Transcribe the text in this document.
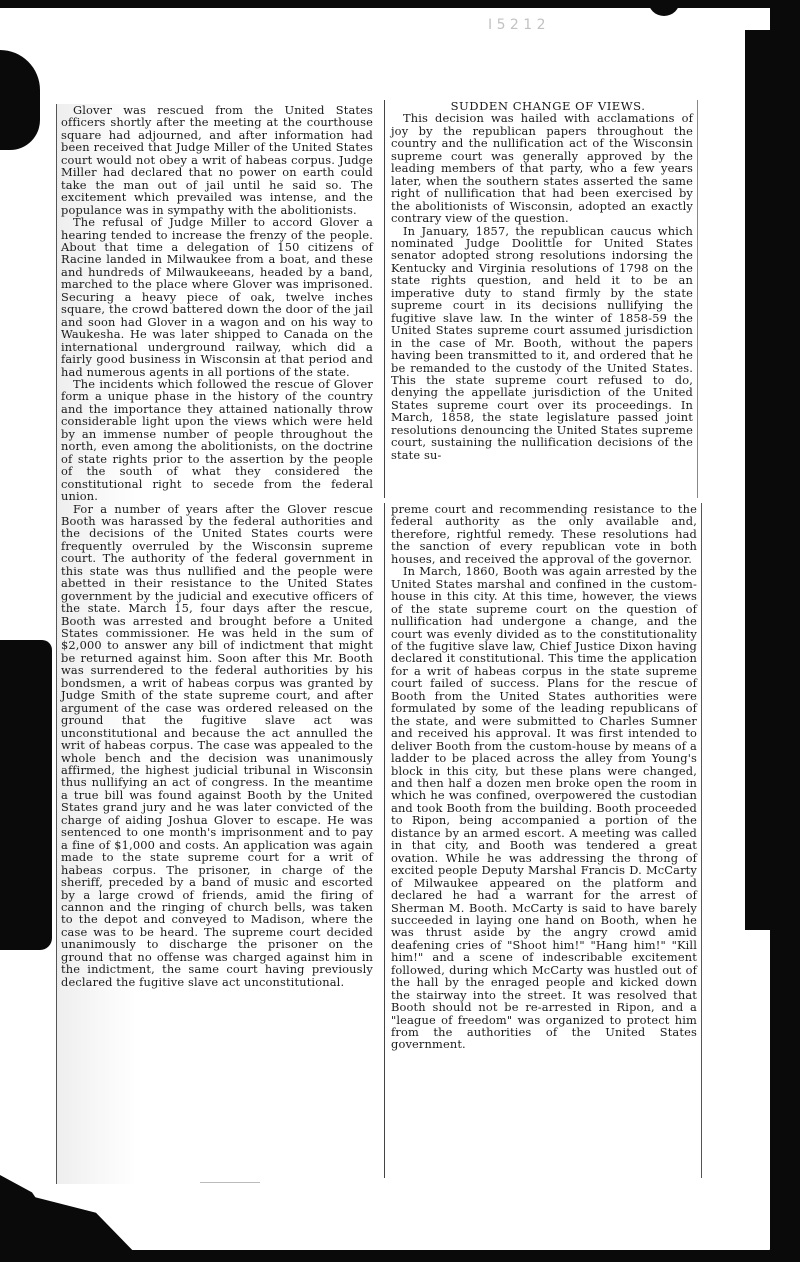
I 5 2 1 2

Glover was rescued from the United States officers shortly after the meeting at the courthouse square had adjourned, and after information had been received that Judge Miller of the United States court would not obey a writ of habeas corpus. Judge Miller had declared that no power on earth could take the man out of jail until he said so. The excitement which prevailed was intense, and the populance was in sympathy with the abolitionists.

The refusal of Judge Miller to accord Glover a hearing tended to increase the frenzy of the people. About that time a delegation of 150 citizens of Racine landed in Milwaukee from a boat, and these and hundreds of Milwaukeeans, headed by a band, marched to the place where Glover was imprisoned. Securing a heavy piece of oak, twelve inches square, the crowd battered down the door of the jail and soon had Glover in a wagon and on his way to Waukesha. He was later shipped to Canada on the international underground railway, which did a fairly good business in Wisconsin at that period and had numerous agents in all portions of the state.

The incidents which followed the rescue of Glover form a unique phase in the history of the country and the importance they attained nationally throw considerable light upon the views which were held by an immense number of people throughout the north, even among the abolitionists, on the doctrine of state rights prior to the assertion by the people of the south of what they considered the constitutional right to secede from the federal union.

For a number of years after the Glover rescue Booth was harassed by the federal authorities and the decisions of the United States courts were frequently overruled by the Wisconsin supreme court. The authority of the federal government in this state was thus nullified and the people were abetted in their resistance to the United States government by the judicial and executive officers of the state. March 15, four days after the rescue, Booth was arrested and brought before a United States commissioner. He was held in the sum of $2,000 to answer any bill of indictment that might be returned against him. Soon after this Mr. Booth was surrendered to the federal authorities by his bondsmen, a writ of habeas corpus was granted by Judge Smith of the state supreme court, and after argument of the case was ordered released on the ground that the fugitive slave act was unconstitutional and because the act annulled the writ of habeas corpus. The case was appealed to the whole bench and the decision was unanimously affirmed, the highest judicial tribunal in Wisconsin thus nullifying an act of congress. In the meantime a true bill was found against Booth by the United States grand jury and he was later convicted of the charge of aiding Joshua Glover to escape. He was sentenced to one month's imprisonment and to pay a fine of $1,000 and costs. An application was again made to the state supreme court for a writ of habeas corpus. The prisoner, in charge of the sheriff, preceded by a band of music and escorted by a large crowd of friends, amid the firing of cannon and the ringing of church bells, was taken to the depot and conveyed to Madison, where the case was to be heard. The supreme court decided unanimously to discharge the prisoner on the ground that no offense was charged against him in the indictment, the same court having previously declared the fugitive slave act unconstitutional.

SUDDEN CHANGE OF VIEWS.

This decision was hailed with acclamations of joy by the republican papers throughout the country and the nullification act of the Wisconsin supreme court was generally approved by the leading members of that party, who a few years later, when the southern states asserted the same right of nullification that had been exercised by the abolitionists of Wisconsin, adopted an exactly contrary view of the question.

In January, 1857, the republican caucus which nominated Judge Doolittle for United States senator adopted strong resolutions indorsing the Kentucky and Virginia resolutions of 1798 on the state rights question, and held it to be an imperative duty to stand firmly by the state supreme court in its decisions nullifying the fugitive slave law. In the winter of 1858-59 the United States supreme court assumed jurisdiction in the case of Mr. Booth, without the papers having been transmitted to it, and ordered that he be remanded to the custody of the United States. This the state supreme court refused to do, denying the appellate jurisdiction of the United States supreme court over its proceedings. In March, 1858, the state legislature passed joint resolutions denouncing the United States supreme court, sustaining the nullification decisions of the state su-

preme court and recommending resistance to the federal authority as the only available and, therefore, rightful remedy. These resolutions had the sanction of every republican vote in both houses, and received the approval of the governor.

In March, 1860, Booth was again arrested by the United States marshal and confined in the custom-house in this city. At this time, however, the views of the state supreme court on the question of nullification had undergone a change, and the court was evenly divided as to the constitutionality of the fugitive slave law, Chief Justice Dixon having declared it constitutional. This time the application for a writ of habeas corpus in the state supreme court failed of success. Plans for the rescue of Booth from the United States authorities were formulated by some of the leading republicans of the state, and were submitted to Charles Sumner and received his approval. It was first intended to deliver Booth from the custom-house by means of a ladder to be placed across the alley from Young's block in this city, but these plans were changed, and then half a dozen men broke open the room in which he was confined, overpowered the custodian and took Booth from the building. Booth proceeded to Ripon, being accompanied a portion of the distance by an armed escort. A meeting was called in that city, and Booth was tendered a great ovation. While he was addressing the throng of excited people Deputy Marshal Francis D. McCarty of Milwaukee appeared on the platform and declared he had a warrant for the arrest of Sherman M. Booth. McCarty is said to have barely succeeded in laying one hand on Booth, when he was thrust aside by the angry crowd amid deafening cries of "Shoot him!" "Hang him!" "Kill him!" and a scene of indescribable excitement followed, during which McCarty was hustled out of the hall by the enraged people and kicked down the stairway into the street. It was resolved that Booth should not be re-arrested in Ripon, and a "league of freedom" was organized to protect him from the authorities of the United States government.
